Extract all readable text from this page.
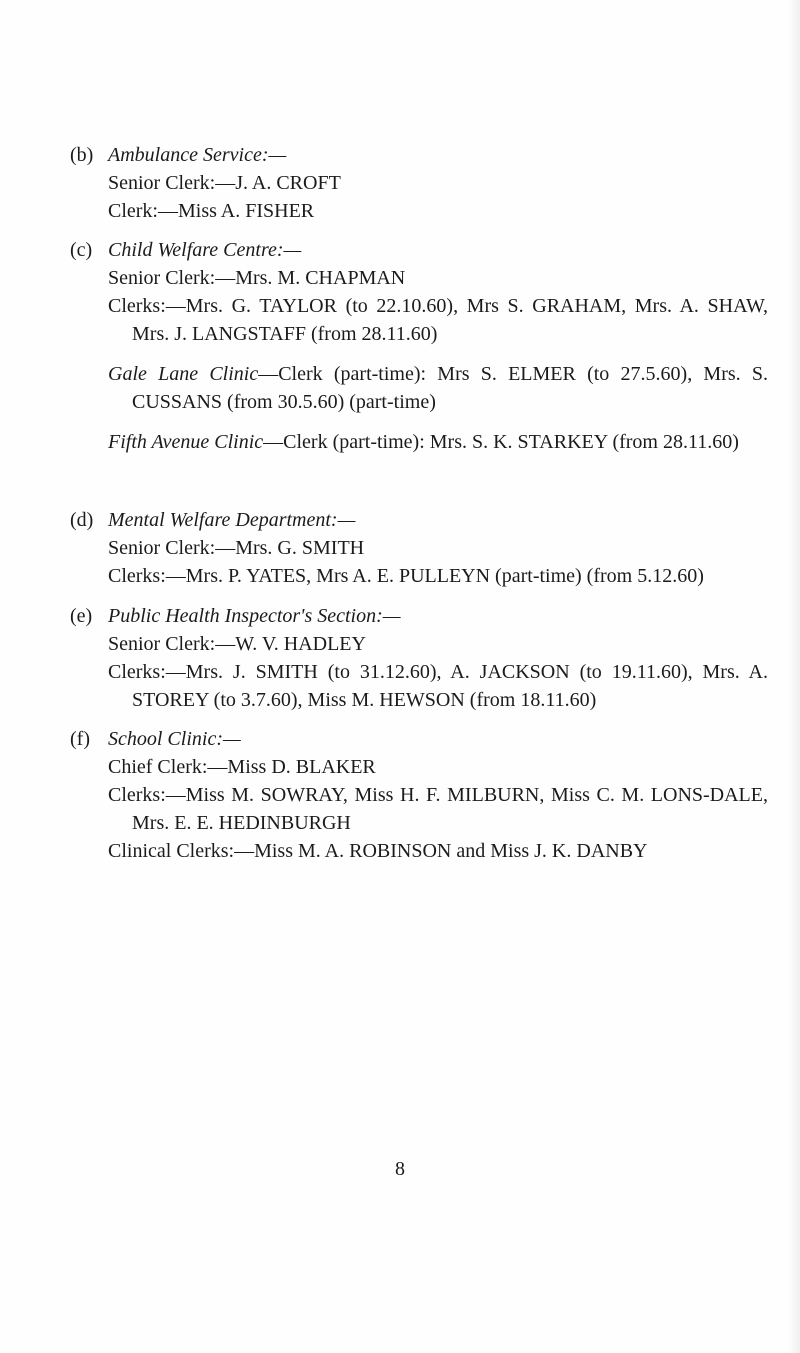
(b) Ambulance Service:—
Senior Clerk:—J. A. CROFT
Clerk:—Miss A. FISHER
(c) Child Welfare Centre:—
Senior Clerk:—Mrs. M. CHAPMAN
Clerks:—Mrs. G. TAYLOR (to 22.10.60), Mrs S. GRAHAM, Mrs. A. SHAW, Mrs. J. LANGSTAFF (from 28.11.60)
Gale Lane Clinic—Clerk (part-time): Mrs S. ELMER (to 27.5.60), Mrs. S. CUSSANS (from 30.5.60) (part-time)
Fifth Avenue Clinic—Clerk (part-time): Mrs. S. K. STARKEY (from 28.11.60)
(d) Mental Welfare Department:—
Senior Clerk:—Mrs. G. SMITH
Clerks:—Mrs. P. YATES, Mrs A. E. PULLEYN (part-time) (from 5.12.60)
(e) Public Health Inspector's Section:—
Senior Clerk:—W. V. HADLEY
Clerks:—Mrs. J. SMITH (to 31.12.60), A. JACKSON (to 19.11.60), Mrs. A. STOREY (to 3.7.60), Miss M. HEWSON (from 18.11.60)
(f) School Clinic:—
Chief Clerk:—Miss D. BLAKER
Clerks:—Miss M. SOWRAY, Miss H. F. MILBURN, Miss C. M. LONS-DALE, Mrs. E. E. HEDINBURGH
Clinical Clerks:—Miss M. A. ROBINSON and Miss J. K. DANBY
8
